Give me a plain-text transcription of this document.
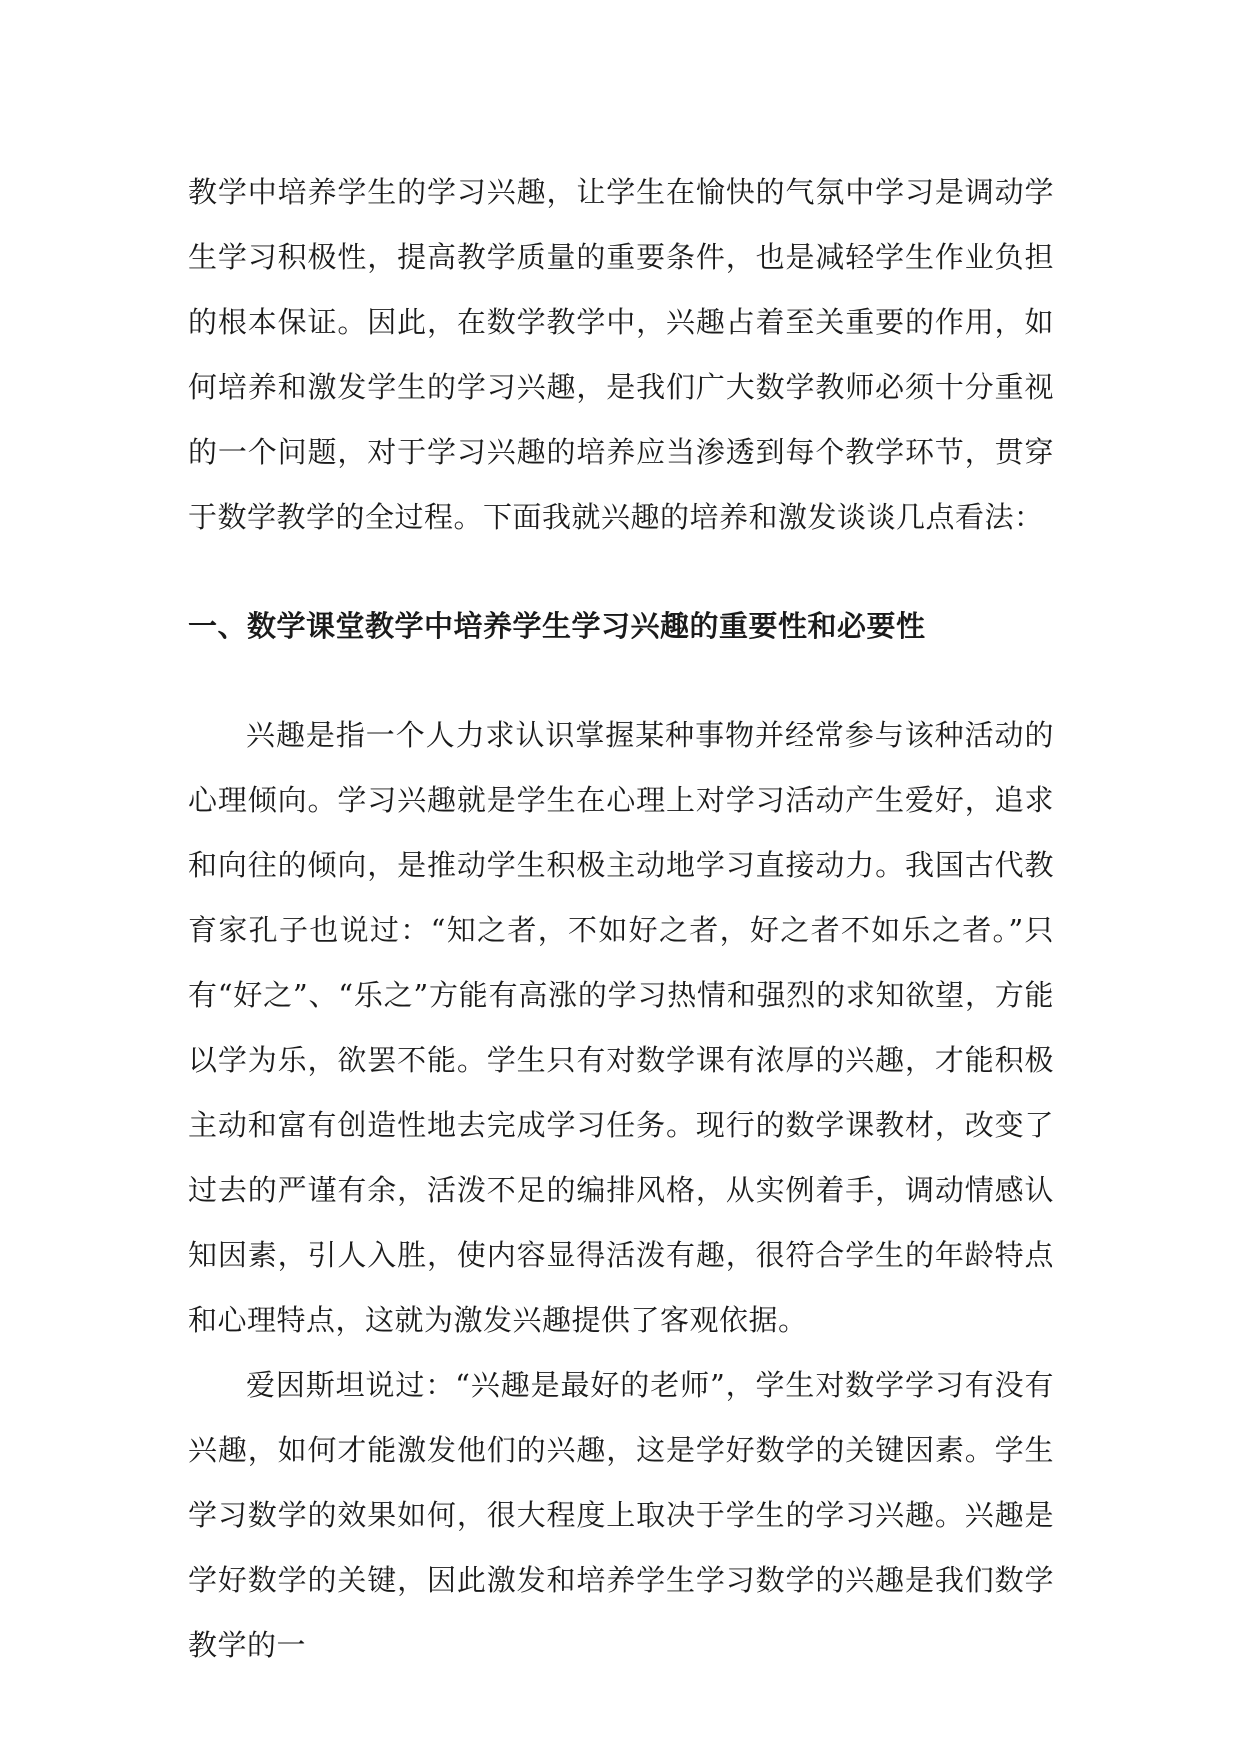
教学中培养学生的学习兴趣，让学生在愉快的气氛中学习是调动学生学习积极性，提高教学质量的重要条件，也是减轻学生作业负担的根本保证。因此，在数学教学中，兴趣占着至关重要的作用，如何培养和激发学生的学习兴趣，是我们广大数学教师必须十分重视的一个问题，对于学习兴趣的培养应当渗透到每个教学环节，贯穿于数学教学的全过程。下面我就兴趣的培养和激发谈谈几点看法：

一、数学课堂教学中培养学生学习兴趣的重要性和必要性

兴趣是指一个人力求认识掌握某种事物并经常参与该种活动的心理倾向。学习兴趣就是学生在心理上对学习活动产生爱好，追求和向往的倾向，是推动学生积极主动地学习直接动力。我国古代教育家孔子也说过：“知之者，不如好之者，好之者不如乐之者。”只有“好之”、“乐之”方能有高涨的学习热情和强烈的求知欲望，方能以学为乐，欲罢不能。学生只有对数学课有浓厚的兴趣，才能积极主动和富有创造性地去完成学习任务。现行的数学课教材，改变了过去的严谨有余，活泼不足的编排风格，从实例着手，调动情感认知因素，引人入胜，使内容显得活泼有趣，很符合学生的年龄特点和心理特点，这就为激发兴趣提供了客观依据。

爱因斯坦说过：“兴趣是最好的老师”，学生对数学学习有没有兴趣，如何才能激发他们的兴趣，这是学好数学的关键因素。学生学习数学的效果如何，很大程度上取决于学生的学习兴趣。兴趣是学好数学的关键，因此激发和培养学生学习数学的兴趣是我们数学教学的一
